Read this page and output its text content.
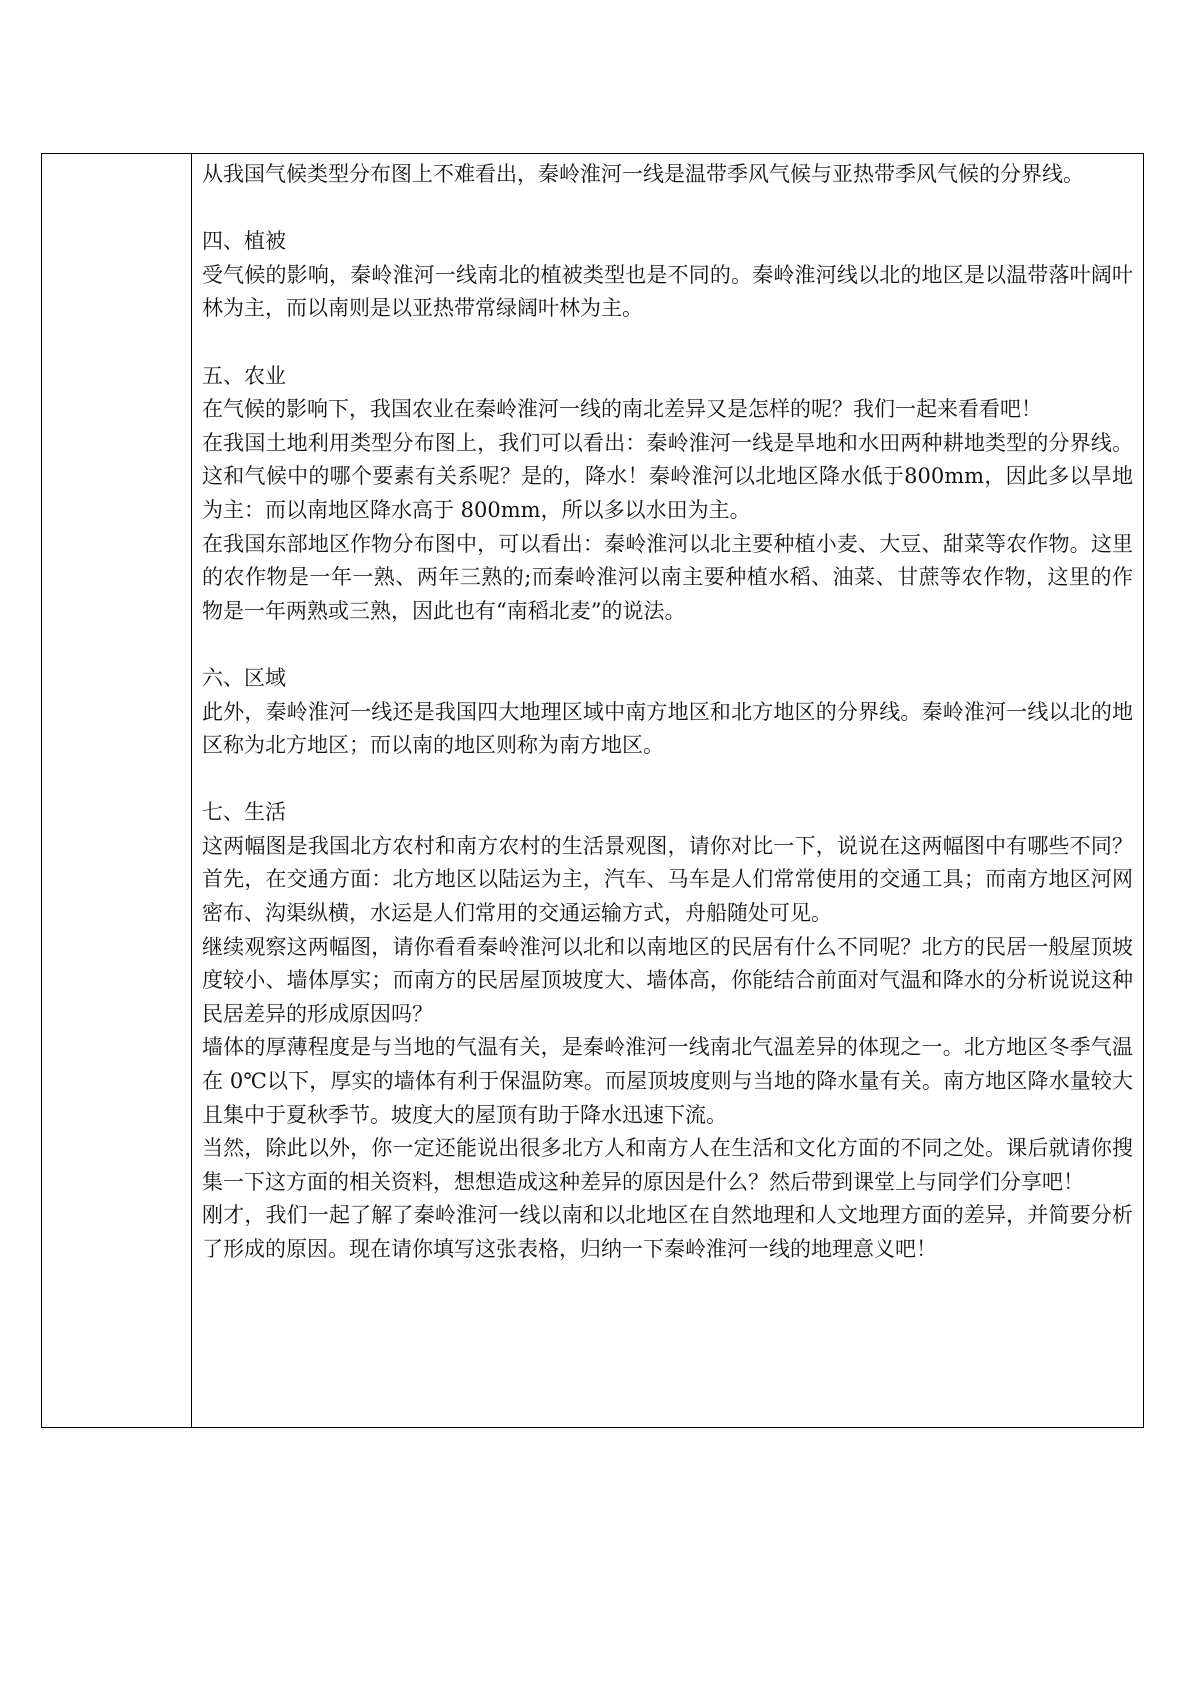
从我国气候类型分布图上不难看出，秦岭淮河一线是温带季风气候与亚热带季风气候的分界线。
四、植被
受气候的影响，秦岭淮河一线南北的植被类型也是不同的。秦岭淮河线以北的地区是以温带落叶阔叶林为主，而以南则是以亚热带常绿阔叶林为主。
五、农业
在气候的影响下，我国农业在秦岭淮河一线的南北差异又是怎样的呢？我们一起来看看吧！
在我国土地利用类型分布图上，我们可以看出：秦岭淮河一线是旱地和水田两种耕地类型的分界线。这和气候中的哪个要素有关系呢？是的，降水！秦岭淮河以北地区降水低于800mm，因此多以旱地为主：而以南地区降水高于 800mm，所以多以水田为主。
在我国东部地区作物分布图中，可以看出：秦岭淮河以北主要种植小麦、大豆、甜菜等农作物。这里的农作物是一年一熟、两年三熟的;而秦岭淮河以南主要种植水稻、油菜、甘蔗等农作物，这里的作物是一年两熟或三熟，因此也有“南稻北麦”的说法。
六、区域
此外，秦岭淮河一线还是我国四大地理区域中南方地区和北方地区的分界线。秦岭淮河一线以北的地区称为北方地区；而以南的地区则称为南方地区。
七、生活
这两幅图是我国北方农村和南方农村的生活景观图，请你对比一下，说说在这两幅图中有哪些不同？首先，在交通方面：北方地区以陆运为主，汽车、马车是人们常常使用的交通工具；而南方地区河网密布、沟渠纵横，水运是人们常用的交通运输方式，舟船随处可见。
继续观察这两幅图，请你看看秦岭淮河以北和以南地区的民居有什么不同呢？北方的民居一般屋顶坡度较小、墙体厚实；而南方的民居屋顶坡度大、墙体高，你能结合前面对气温和降水的分析说说这种民居差异的形成原因吗？
墙体的厚薄程度是与当地的气温有关，是秦岭淮河一线南北气温差异的体现之一。北方地区冬季气温在 0℃以下，厚实的墙体有利于保温防寒。而屋顶坡度则与当地的降水量有关。南方地区降水量较大且集中于夏秋季节。坡度大的屋顶有助于降水迅速下流。
当然，除此以外，你一定还能说出很多北方人和南方人在生活和文化方面的不同之处。课后就请你搜集一下这方面的相关资料，想想造成这种差异的原因是什么？然后带到课堂上与同学们分享吧！
刚才，我们一起了解了秦岭淮河一线以南和以北地区在自然地理和人文地理方面的差异，并简要分析了形成的原因。现在请你填写这张表格，归纳一下秦岭淮河一线的地理意义吧！
